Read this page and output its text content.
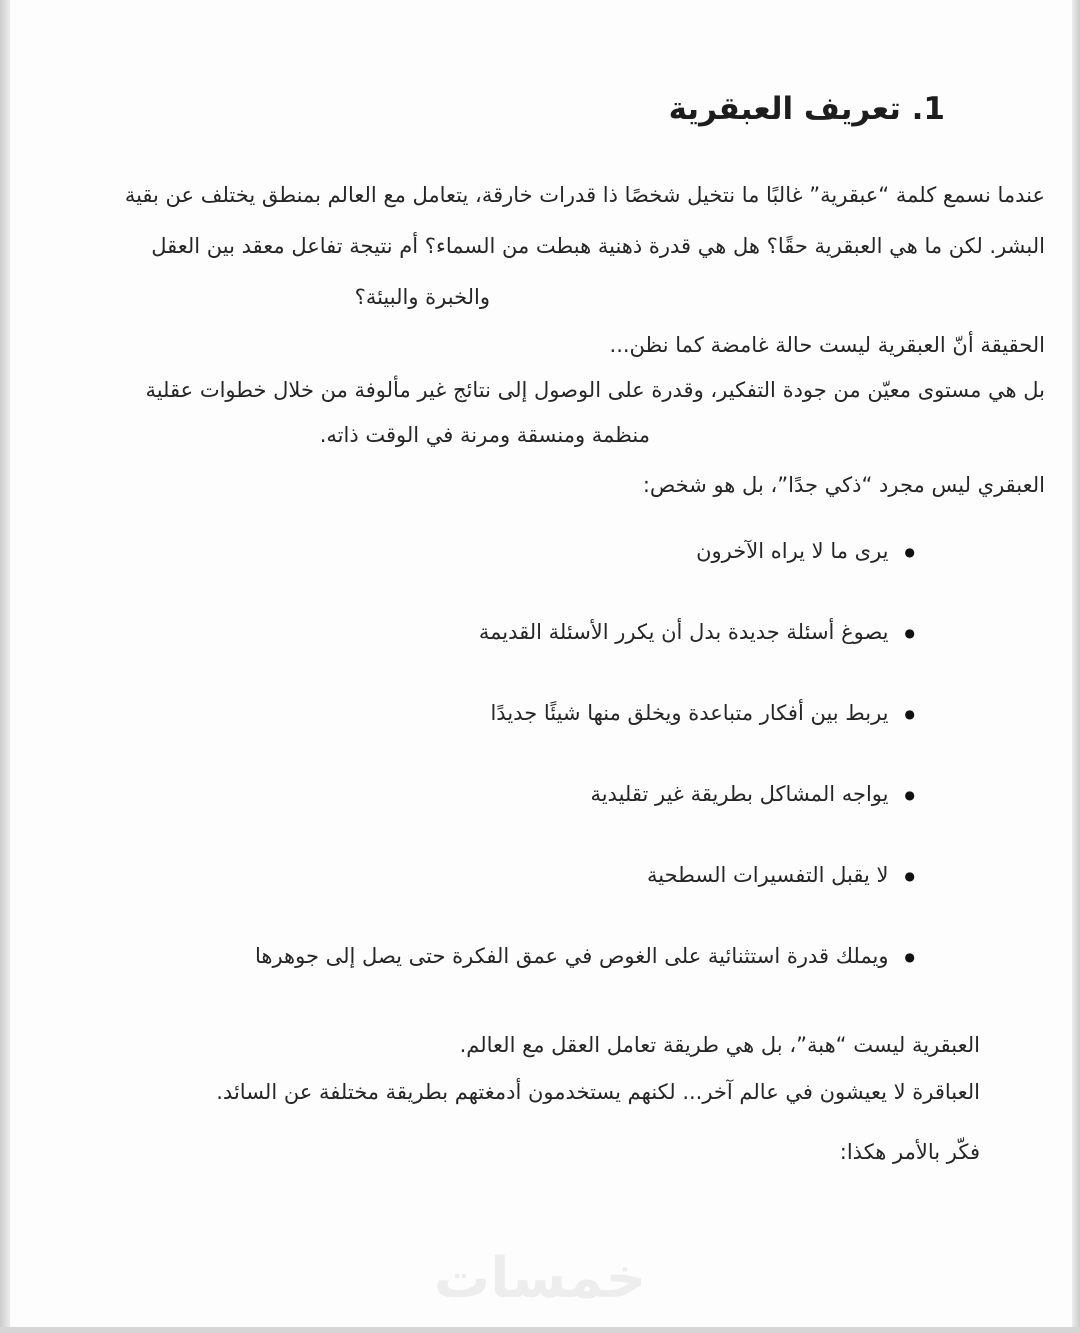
1. تعريف العبقرية
عندما نسمع كلمة “عبقرية” غالبًا ما نتخيل شخصًا ذا قدرات خارقة، يتعامل مع العالم بمنطق يختلف عن بقية
البشر. لكن ما هي العبقرية حقًا؟ هل هي قدرة ذهنية هبطت من السماء؟ أم نتيجة تفاعل معقد بين العقل
والخبرة والبيئة؟
الحقيقة أنّ العبقرية ليست حالة غامضة كما نظن...
بل هي مستوى معيّن من جودة التفكير، وقدرة على الوصول إلى نتائج غير مألوفة من خلال خطوات عقلية
منظمة ومنسقة ومرنة في الوقت ذاته.
العبقري ليس مجرد “ذكي جدًا”، بل هو شخص:
●يرى ما لا يراه الآخرون
●يصوغ أسئلة جديدة بدل أن يكرر الأسئلة القديمة
●يربط بين أفكار متباعدة ويخلق منها شيئًا جديدًا
●يواجه المشاكل بطريقة غير تقليدية
●لا يقبل التفسيرات السطحية
●ويملك قدرة استثنائية على الغوص في عمق الفكرة حتى يصل إلى جوهرها
العبقرية ليست “هبة”، بل هي طريقة تعامل العقل مع العالم.
العباقرة لا يعيشون في عالم آخر... لكنهم يستخدمون أدمغتهم بطريقة مختلفة عن السائد.
فكّر بالأمر هكذا:
خمسات
